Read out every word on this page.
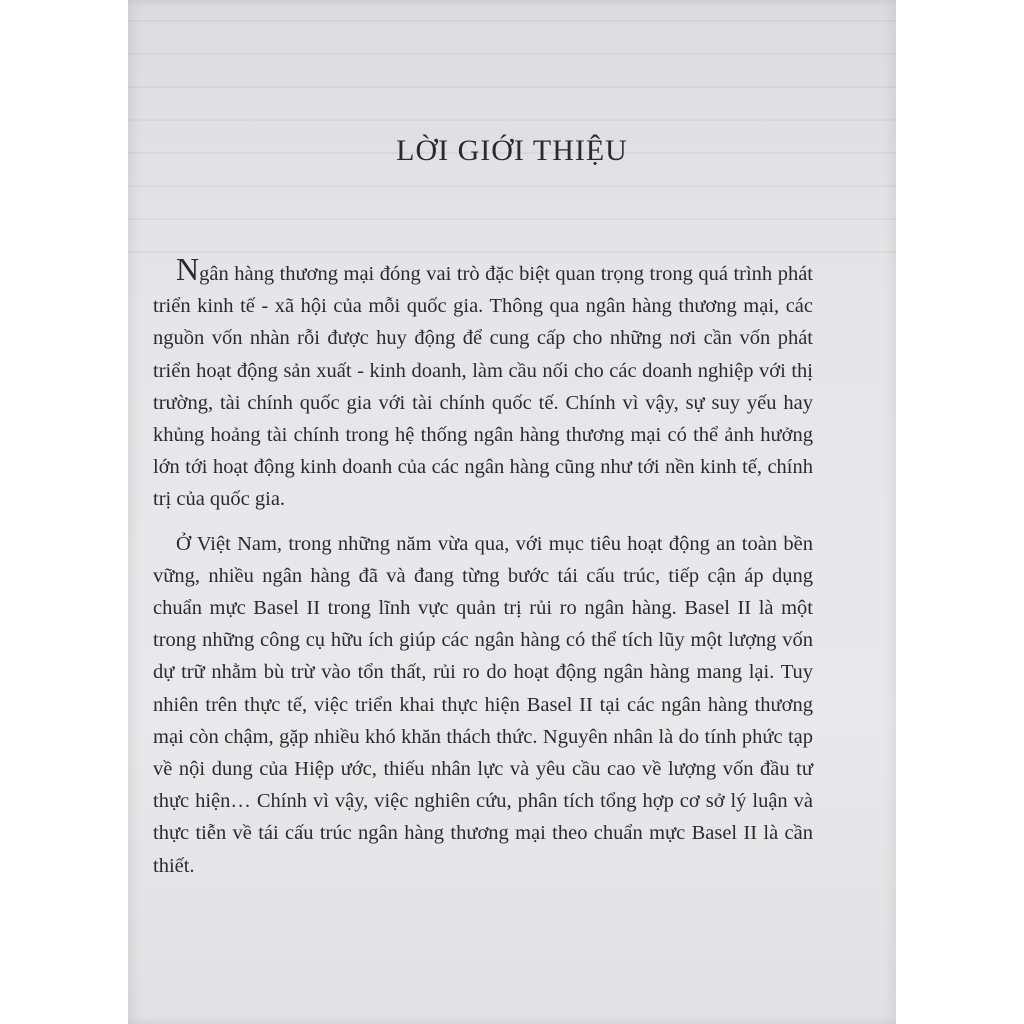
LỜI GIỚI THIỆU

Ngân hàng thương mại đóng vai trò đặc biệt quan trọng trong quá trình phát triển kinh tế - xã hội của mỗi quốc gia. Thông qua ngân hàng thương mại, các nguồn vốn nhàn rỗi được huy động để cung cấp cho những nơi cần vốn phát triển hoạt động sản xuất - kinh doanh, làm cầu nối cho các doanh nghiệp với thị trường, tài chính quốc gia với tài chính quốc tế. Chính vì vậy, sự suy yếu hay khủng hoảng tài chính trong hệ thống ngân hàng thương mại có thể ảnh hưởng lớn tới hoạt động kinh doanh của các ngân hàng cũng như tới nền kinh tế, chính trị của quốc gia.

Ở Việt Nam, trong những năm vừa qua, với mục tiêu hoạt động an toàn bền vững, nhiều ngân hàng đã và đang từng bước tái cấu trúc, tiếp cận áp dụng chuẩn mực Basel II trong lĩnh vực quản trị rủi ro ngân hàng. Basel II là một trong những công cụ hữu ích giúp các ngân hàng có thể tích lũy một lượng vốn dự trữ nhằm bù trừ vào tổn thất, rủi ro do hoạt động ngân hàng mang lại. Tuy nhiên trên thực tế, việc triển khai thực hiện Basel II tại các ngân hàng thương mại còn chậm, gặp nhiều khó khăn thách thức. Nguyên nhân là do tính phức tạp về nội dung của Hiệp ước, thiếu nhân lực và yêu cầu cao về lượng vốn đầu tư thực hiện… Chính vì vậy, việc nghiên cứu, phân tích tổng hợp cơ sở lý luận và thực tiễn về tái cấu trúc ngân hàng thương mại theo chuẩn mực Basel II là cần thiết.
